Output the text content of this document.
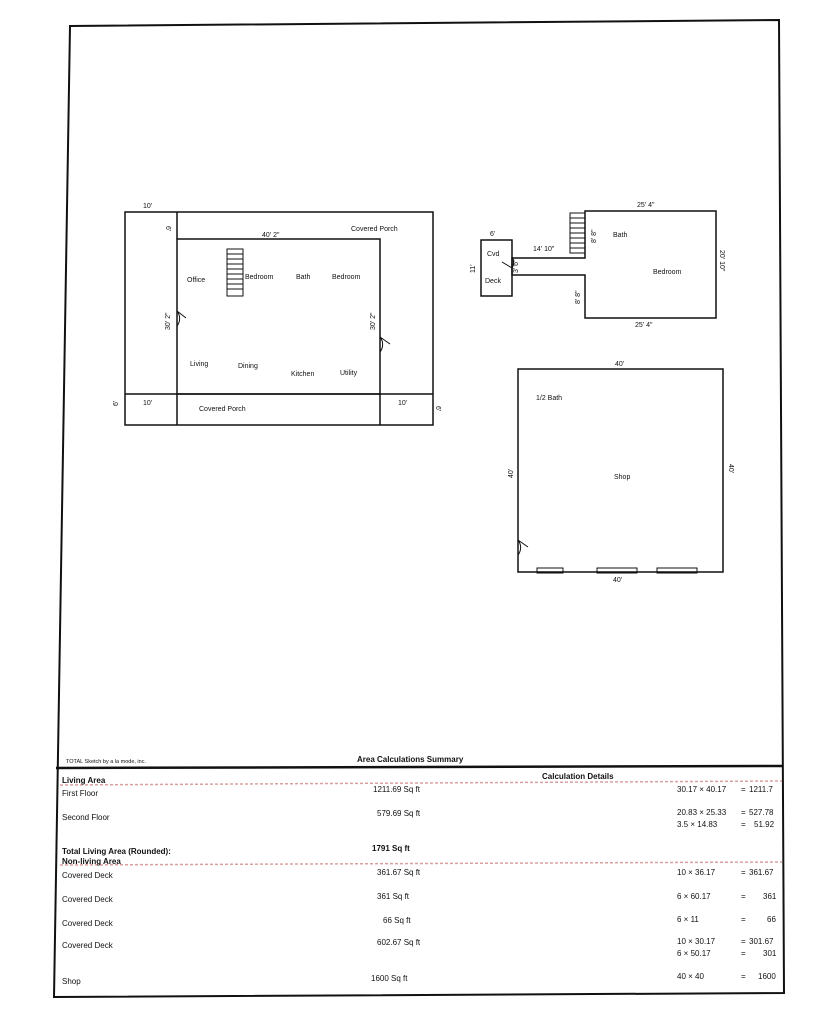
10'
40' 2"
Covered Porch
6'
30' 2"	30' 2"
10'	10'
Covered Porch
6'
6'
Office	Bedroom	Bath	Bedroom
Living	Dining
Kitchen	Utility
25' 4"
25' 4"
20' 10"
8' 8"
8' 8"
14' 10"
3' 6"
6'
11'
Cvd
Deck
Bath
Bedroom
40'
40'
40'
40'
1/2 Bath
Shop
TOTAL Sketch by a la mode, inc.	Area Calculations Summary
Living Area	Calculation Details
First Floor	1211.69 Sq ft	30.17 × 40.17 = 1211.7
Second Floor	579.69 Sq ft	20.83 × 25.33 = 527.78
3.5 × 14.83	= 51.92
Total Living Area (Rounded):	1791 Sq ft
Non-living Area
Covered Deck	361.67 Sq ft	10 × 36.17	= 361.67
Covered Deck	361 Sq ft	6 × 60.17	= 361
Covered Deck	66 Sq ft	6 × 11	=	66
Covered Deck	602.67 Sq ft	10 × 30.17	= 301.67
6 × 50.17	= 301
Shop	1600 Sq ft	40 × 40	= 1600
